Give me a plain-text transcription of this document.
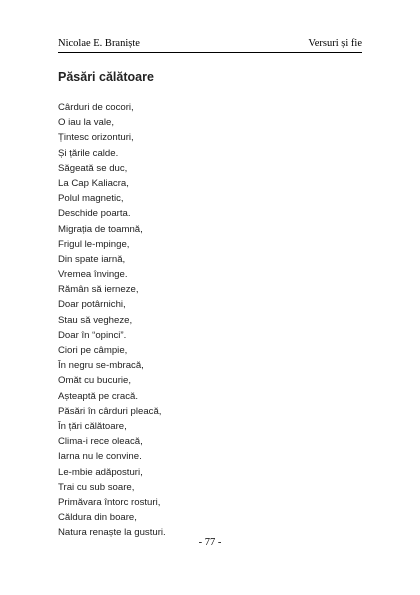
Nicolae E. Braniște	Versuri și fie
Păsări călătoare
Cârduri de cocori,
O iau la vale,
Țintesc orizonturi,
Și țările calde.
Săgeată se duc,
La Cap Kaliacra,
Polul magnetic,
Deschide poarta.
Migrația de toamnă,
Frigul le-mpinge,
Din spate iarnă,
Vremea învinge.
Rămân să ierneze,
Doar potârnichi,
Stau să vegheze,
Doar în “opinci”.
Ciori pe câmpie,
În negru se-mbracă,
Omăt cu bucurie,
Așteaptă pe cracă.
Păsări în cârduri pleacă,
În țări călătoare,
Clima-i rece oleacă,
Iarna nu le convine.
Le-mbie adăposturi,
Trai cu sub soare,
Primăvara întorc rosturi,
Căldura din boare,
Natura renaște la gusturi.
- 77 -
